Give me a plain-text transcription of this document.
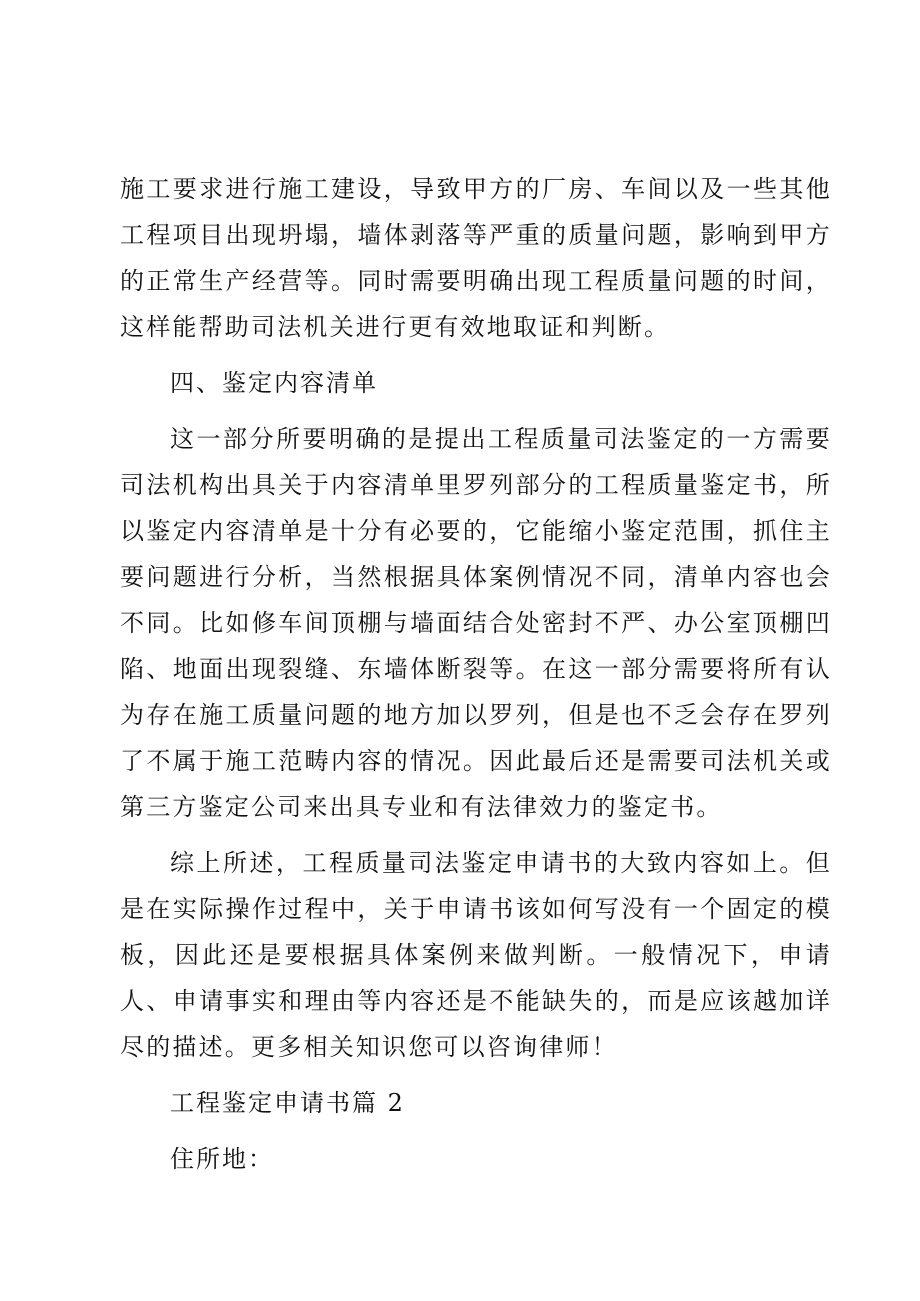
施工要求进行施工建设，导致甲方的厂房、车间以及一些其他工程项目出现坍塌，墙体剥落等严重的质量问题，影响到甲方的正常生产经营等。同时需要明确出现工程质量问题的时间，这样能帮助司法机关进行更有效地取证和判断。

四、鉴定内容清单

这一部分所要明确的是提出工程质量司法鉴定的一方需要司法机构出具关于内容清单里罗列部分的工程质量鉴定书，所以鉴定内容清单是十分有必要的，它能缩小鉴定范围，抓住主要问题进行分析，当然根据具体案例情况不同，清单内容也会不同。比如修车间顶棚与墙面结合处密封不严、办公室顶棚凹陷、地面出现裂缝、东墙体断裂等。在这一部分需要将所有认为存在施工质量问题的地方加以罗列，但是也不乏会存在罗列了不属于施工范畴内容的情况。因此最后还是需要司法机关或第三方鉴定公司来出具专业和有法律效力的鉴定书。

综上所述，工程质量司法鉴定申请书的大致内容如上。但是在实际操作过程中，关于申请书该如何写没有一个固定的模板，因此还是要根据具体案例来做判断。一般情况下，申请人、申请事实和理由等内容还是不能缺失的，而是应该越加详尽的描述。更多相关知识您可以咨询律师！

工程鉴定申请书篇 2

住所地：
